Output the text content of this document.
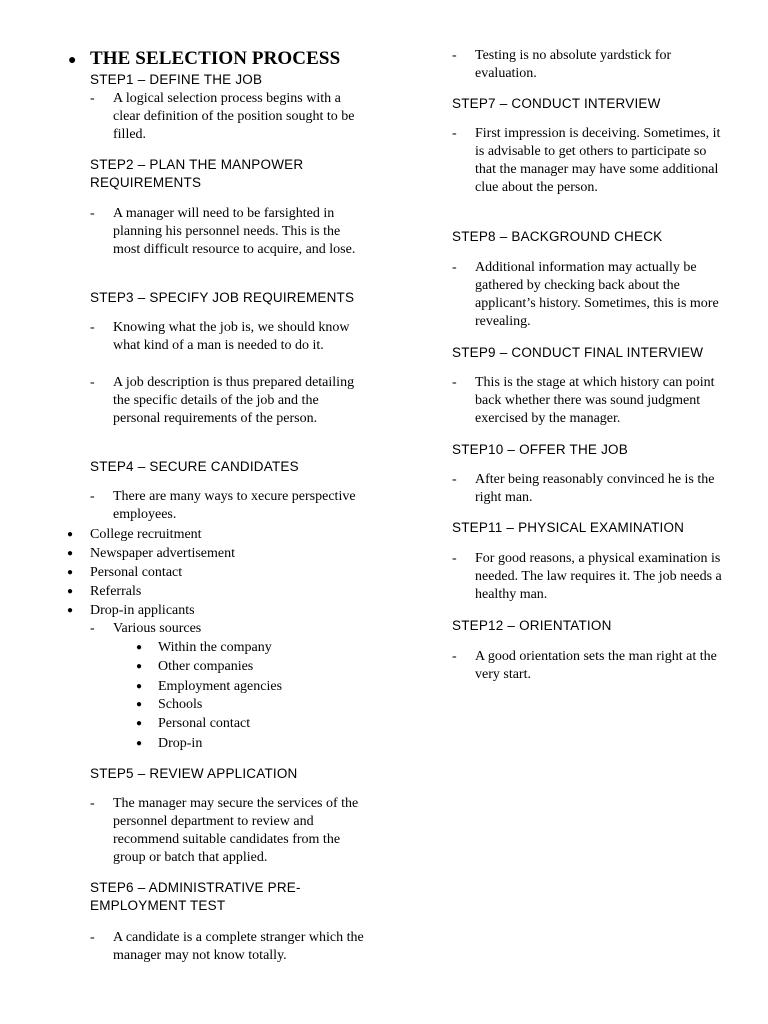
● THE SELECTION PROCESS
STEP1 – DEFINE THE JOB
- A logical selection process begins with a clear definition of the position sought to be filled.
STEP2 – PLAN THE MANPOWER REQUIREMENTS
- A manager will need to be farsighted in planning his personnel needs. This is the most difficult resource to acquire, and lose.
STEP3 – SPECIFY JOB REQUIREMENTS
- Knowing what the job is, we should know what kind of a man is needed to do it.
- A job description is thus prepared detailing the specific details of the job and the personal requirements of the person.
STEP4 – SECURE CANDIDATES
- There are many ways to xecure perspective employees.
● College recruitment
● Newspaper advertisement
● Personal contact
● Referrals
● Drop-in applicants
- Various sources
● Within the company
● Other companies
● Employment agencies
● Schools
● Personal contact
● Drop-in
STEP5 – REVIEW APPLICATION
- The manager may secure the services of the personnel department to review and recommend suitable candidates from the group or batch that applied.
STEP6 – ADMINISTRATIVE PRE-EMPLOYMENT TEST
- A candidate is a complete stranger which the manager may not know totally.
- Testing is no absolute yardstick for evaluation.
STEP7 – CONDUCT INTERVIEW
- First impression is deceiving. Sometimes, it is advisable to get others to participate so that the manager may have some additional clue about the person.
STEP8 – BACKGROUND CHECK
- Additional information may actually be gathered by checking back about the applicant’s history. Sometimes, this is more revealing.
STEP9 – CONDUCT FINAL INTERVIEW
- This is the stage at which history can point back whether there was sound judgment exercised by the manager.
STEP10 – OFFER THE JOB
- After being reasonably convinced he is the right man.
STEP11 – PHYSICAL EXAMINATION
- For good reasons, a physical examination is needed. The law requires it. The job needs a healthy man.
STEP12 – ORIENTATION
- A good orientation sets the man right at the very start.
